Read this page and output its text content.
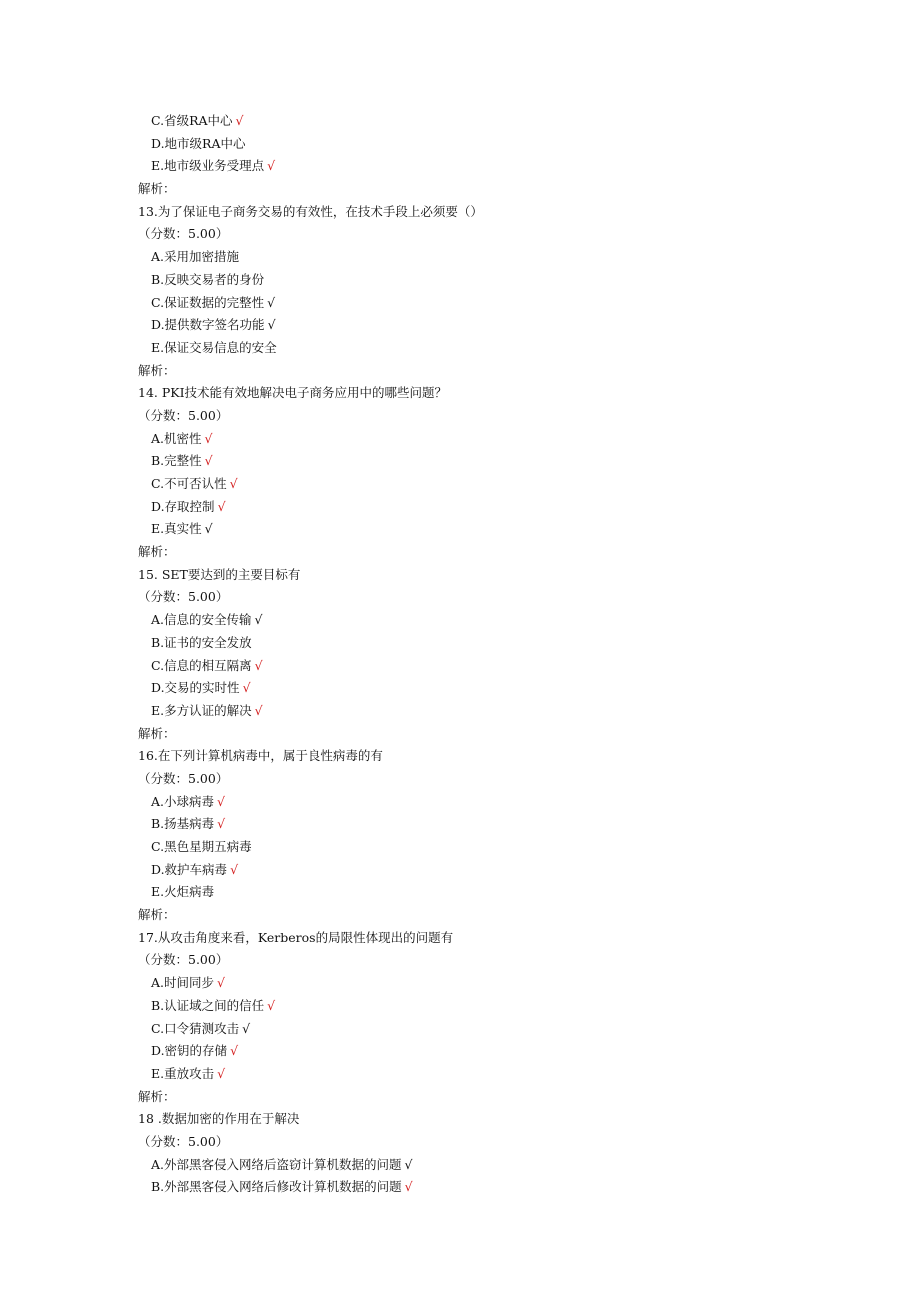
C.省级RA中心 √
D.地市级RA中心
E.地市级业务受理点 √
解析：
13.为了保证电子商务交易的有效性，在技术手段上必须要（）
（分数：5.00）
A.采用加密措施
B.反映交易者的身份
C.保证数据的完整性 √
D.提供数字签名功能 √
E.保证交易信息的安全
解析：
14. PKI技术能有效地解决电子商务应用中的哪些问题？
（分数：5.00）
A.机密性 √
B.完整性 √
C.不可否认性 √
D.存取控制 √
E.真实性 √
解析：
15. SET要达到的主要目标有
（分数：5.00）
A.信息的安全传输 √
B.证书的安全发放
C.信息的相互隔离 √
D.交易的实时性 √
E.多方认证的解决 √
解析：
16.在下列计算机病毒中，属于良性病毒的有
（分数：5.00）
A.小球病毒 √
B.扬基病毒 √
C.黑色星期五病毒
D.救护车病毒 √
E.火炬病毒
解析：
17.从攻击角度来看，Kerberos的局限性体现出的问题有
（分数：5.00）
A.时间同步 √
B.认证域之间的信任 √
C.口令猜测攻击 √
D.密钥的存储 √
E.重放攻击 √
解析：
18 .数据加密的作用在于解决
（分数：5.00）
A.外部黑客侵入网络后盗窃计算机数据的问题 √
B.外部黑客侵入网络后修改计算机数据的问题 √
